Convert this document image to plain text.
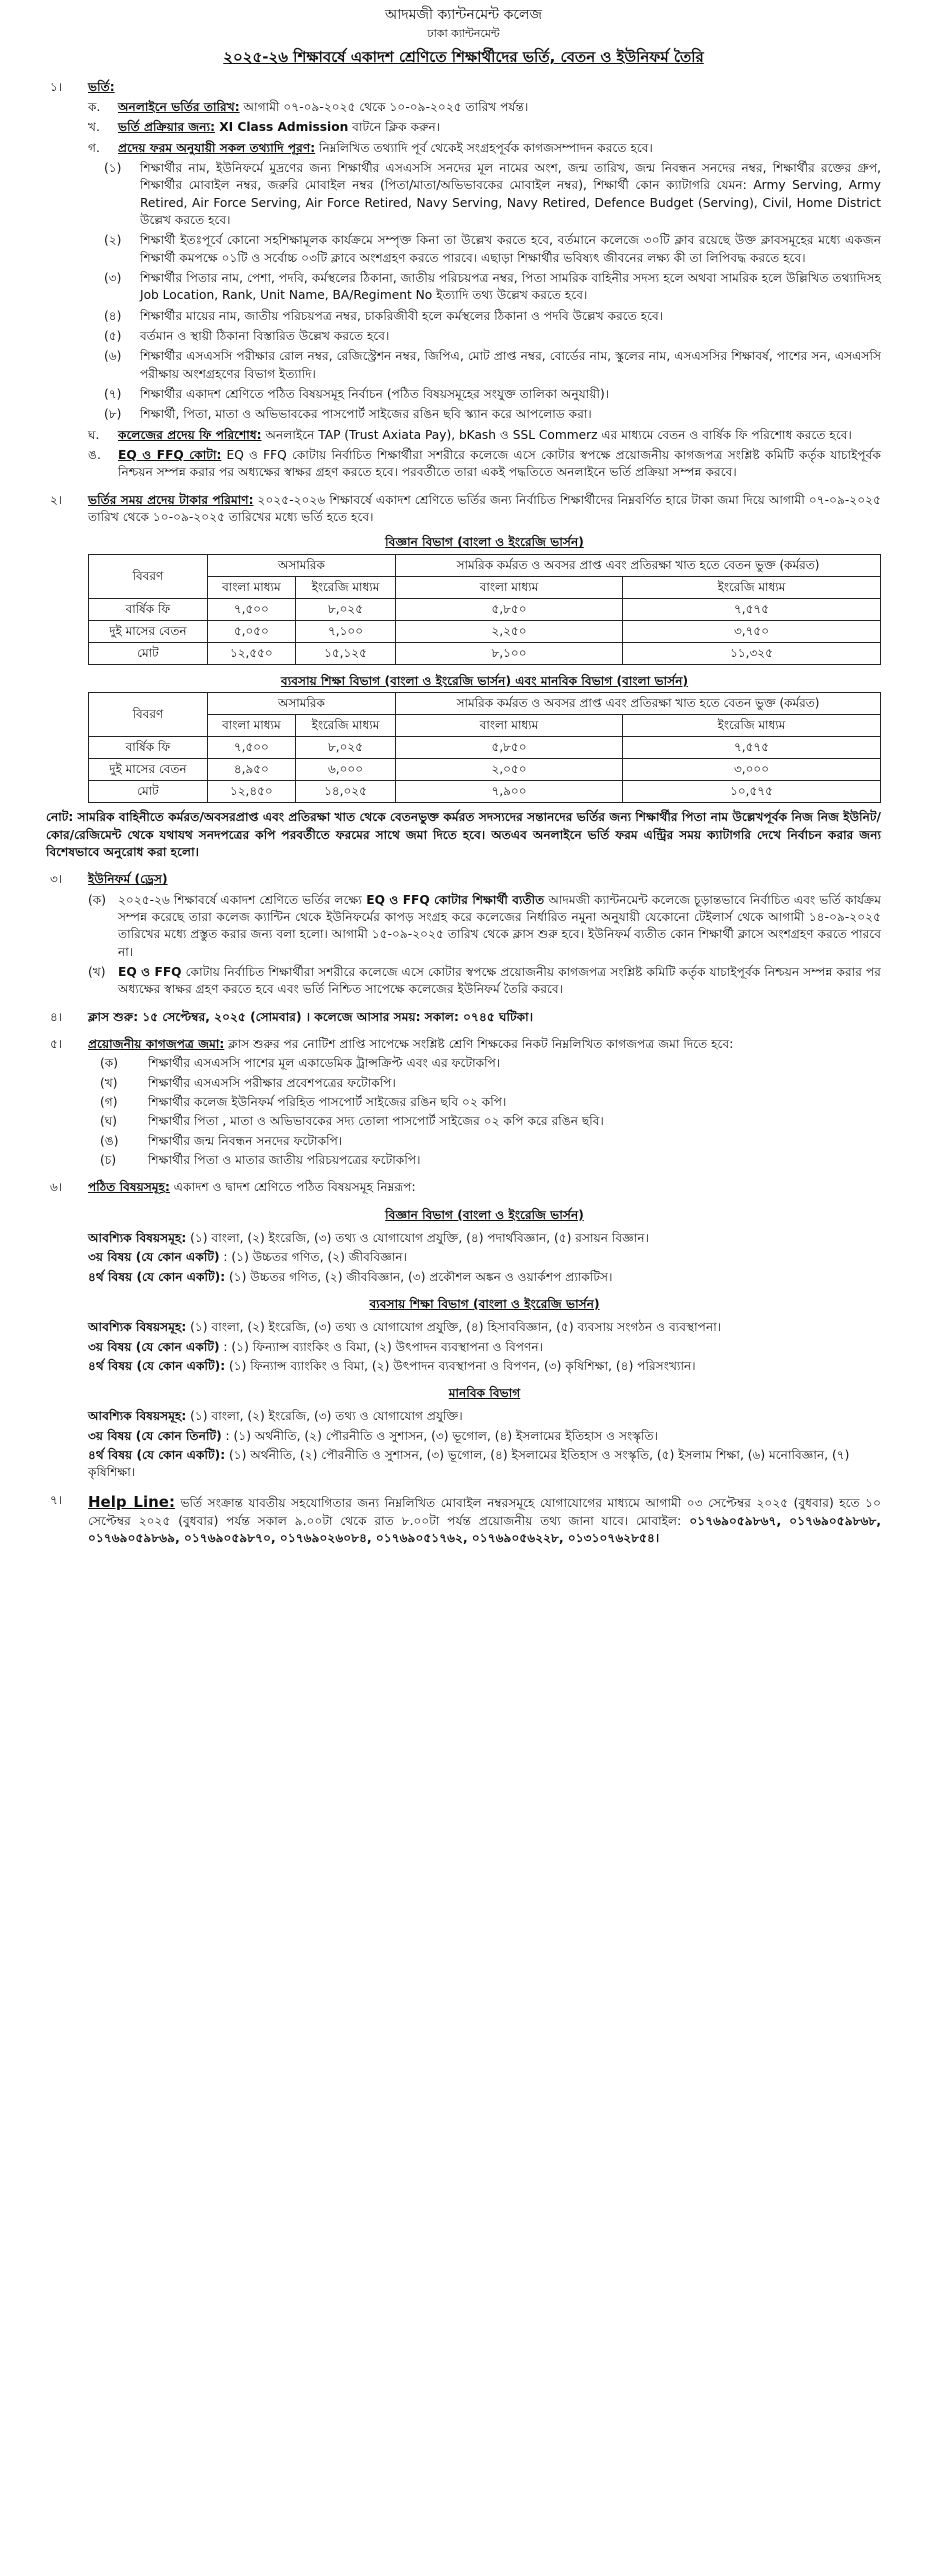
আদমজী ক্যান্টনমেন্ট কলেজ
ঢাকা ক্যান্টনমেন্ট
২০২৫-২৬ শিক্ষাবর্ষে একাদশ শ্রেণিতে শিক্ষার্থীদের ভর্তি, বেতন ও ইউনিফর্ম তৈরি
১।	ভর্তি:
ক.	অনলাইনে ভর্তির তারিখ: আগামী ০৭-০৯-২০২৫ থেকে ১০-০৯-২০২৫ তারিখ পর্যন্ত।
খ.	ভর্তি প্রক্রিয়ার জন্য: XI Class Admission বাটনে ক্লিক করুন।
গ.	প্রদেয় ফরম অনুযায়ী সকল তথ্যাদি পূরণ: নিম্নলিখিত তথ্যাদি পূর্ব থেকেই সংগ্রহপূর্বক কাগজসম্পাদন করতে হবে।
(১)	শিক্ষার্থীর নাম, ইউনিফর্মে মুদ্রণের জন্য শিক্ষার্থীর এসএসসি সনদের মূল নামের অংশ, জন্ম তারিখ, জন্ম নিবন্ধন সনদের নম্বর, শিক্ষার্থীর রক্তের গ্রুপ, শিক্ষার্থীর মোবাইল নম্বর, জরুরি মোবাইল নম্বর (পিতা/মাতা/অভিভাবকের মোবাইল নম্বর), শিক্ষার্থী কোন ক্যাটাগরি যেমন: Army Serving, Army Retired, Air Force Serving, Air Force Retired, Navy Serving, Navy Retired, Defence Budget (Serving), Civil, Home District উল্লেখ করতে হবে।
(২)	শিক্ষার্থী ইতঃপূর্বে কোনো সহশিক্ষামূলক কার্যক্রমে সম্পৃক্ত কিনা তা উল্লেখ করতে হবে, বর্তমানে কলেজে ৩০টি ক্লাব রয়েছে উক্ত ক্লাবসমূহের মধ্যে একজন শিক্ষার্থী কমপক্ষে ০১টি ও সর্বোচ্চ ০৩টি ক্লাবে অংশগ্রহণ করতে পারবে। এছাড়া শিক্ষার্থীর ভবিষ্যৎ জীবনের লক্ষ্য কী তা লিপিবদ্ধ করতে হবে।
(৩)	শিক্ষার্থীর পিতার নাম, পেশা, পদবি, কর্মস্থলের ঠিকানা, জাতীয় পরিচয়পত্র নম্বর, পিতা সামরিক বাহিনীর সদস্য হলে অথবা সামরিক হলে উল্লিখিত তথ্যাদিসহ Job Location, Rank, Unit Name, BA/Regiment No ইত্যাদি তথ্য উল্লেখ করতে হবে।
(৪)	শিক্ষার্থীর মায়ের নাম, জাতীয় পরিচয়পত্র নম্বর, চাকরিজীবী হলে কর্মস্থলের ঠিকানা ও পদবি উল্লেখ করতে হবে।
(৫)	বর্তমান ও স্থায়ী ঠিকানা বিস্তারিত উল্লেখ করতে হবে।
(৬)	শিক্ষার্থীর এসএসসি পরীক্ষার রোল নম্বর, রেজিস্ট্রেশন নম্বর, জিপিএ, মোট প্রাপ্ত নম্বর, বোর্ডের নাম, স্কুলের নাম, এসএসসির শিক্ষাবর্ষ, পাশের সন, এসএসসি পরীক্ষায় অংশগ্রহণের বিভাগ ইত্যাদি।
(৭)	শিক্ষার্থীর একাদশ শ্রেণিতে পঠিত বিষয়সমূহ নির্বাচন (পঠিত বিষয়সমূহের সংযুক্ত তালিকা অনুযায়ী)।
(৮)	শিক্ষার্থী, পিতা, মাতা ও অভিভাবকের পাসপোর্ট সাইজের রঙিন ছবি স্ক্যান করে আপলোড করা।
ঘ.	কলেজের প্রদেয় ফি পরিশোধ: অনলাইনে TAP (Trust Axiata Pay), bKash ও SSL Commerz এর মাধ্যমে বেতন ও বার্ষিক ফি পরিশোধ করতে হবে।
ঙ.	EQ ও FFQ কোটা: EQ ও FFQ কোটায় নির্বাচিত শিক্ষার্থীরা সশরীরে কলেজে এসে কোটার স্বপক্ষে প্রয়োজনীয় কাগজপত্র সংশ্লিষ্ট কমিটি কর্তৃক যাচাইপূর্বক নিশ্চয়ন সম্পন্ন করার পর অধ্যক্ষের স্বাক্ষর গ্রহণ করতে হবে। পরবর্তীতে তারা একই পদ্ধতিতে অনলাইনে ভর্তি প্রক্রিয়া সম্পন্ন করবে।
২।	ভর্তির সময় প্রদেয় টাকার পরিমাণ: ২০২৫-২০২৬ শিক্ষাবর্ষে একাদশ শ্রেণিতে ভর্তির জন্য নির্বাচিত শিক্ষার্থীদের নিম্নবর্ণিত হারে টাকা জমা দিয়ে আগামী ০৭-০৯-২০২৫ তারিখ থেকে ১০-০৯-২০২৫ তারিখের মধ্যে ভর্তি হতে হবে।
বিজ্ঞান বিভাগ (বাংলা ও ইংরেজি ভার্সন)
বিবরণ	অসামরিক		সামরিক কর্মরত ও অবসর প্রাপ্ত এবং প্রতিরক্ষা খাত হতে বেতন ভুক্ত (কর্মরত)	
	বাংলা মাধ্যম	ইংরেজি মাধ্যম	বাংলা মাধ্যম	ইংরেজি মাধ্যম
বার্ষিক ফি	৭,৫০০	৮,০২৫	৫,৮৫০	৭,৫৭৫
দুই মাসের বেতন	৫,০৫০	৭,১০০	২,২৫০	৩,৭৫০
মোট	১২,৫৫০	১৫,১২৫	৮,১০০	১১,৩২৫
ব্যবসায় শিক্ষা বিভাগ (বাংলা ও ইংরেজি ভার্সন) এবং মানবিক বিভাগ (বাংলা ভার্সন)
বিবরণ	অসামরিক		সামরিক কর্মরত ও অবসর প্রাপ্ত এবং প্রতিরক্ষা খাত হতে বেতন ভুক্ত (কর্মরত)	
	বাংলা মাধ্যম	ইংরেজি মাধ্যম	বাংলা মাধ্যম	ইংরেজি মাধ্যম
বার্ষিক ফি	৭,৫০০	৮,০২৫	৫,৮৫০	৭,৫৭৫
দুই মাসের বেতন	৪,৯৫০	৬,০০০	২,০৫০	৩,০০০
মোট	১২,৪৫০	১৪,০২৫	৭,৯০০	১০,৫৭৫
নোট: সামরিক বাহিনীতে কর্মরত/অবসরপ্রাপ্ত এবং প্রতিরক্ষা খাত থেকে বেতনভুক্ত কর্মরত সদস্যদের সন্তানদের ভর্তির জন্য শিক্ষার্থীর পিতা নাম উল্লেখপূর্বক নিজ নিজ ইউনিট/কোর/রেজিমেন্ট থেকে যথাযথ সনদপত্রের কপি পরবর্তীতে ফরমের সাথে জমা দিতে হবে। অতএব অনলাইনে ভর্তি ফরম এন্ট্রির সময় ক্যাটাগরি দেখে নির্বাচন করার জন্য বিশেষভাবে অনুরোধ করা হলো।
৩।	ইউনিফর্ম (ড্রেস)
(ক) ২০২৫-২৬ শিক্ষাবর্ষে একাদশ শ্রেণিতে ভর্তির লক্ষ্যে EQ ও FFQ কোটার শিক্ষার্থী ব্যতীত আদমজী ক্যান্টনমেন্ট কলেজে চূড়ান্তভাবে নির্বাচিত এবং ভর্তি কার্যক্রম সম্পন্ন করেছে তারা কলেজ ক্যান্টিন থেকে ইউনিফর্মের কাপড় সংগ্রহ করে কলেজের নির্ধারিত নমুনা অনুযায়ী যেকোনো টেইলার্স থেকে আগামী ১৪-০৯-২০২৫ তারিখের মধ্যে প্রস্তুত করার জন্য বলা হলো। আগামী ১৫-০৯-২০২৫ তারিখ থেকে ক্লাস শুরু হবে। ইউনিফর্ম ব্যতীত কোন শিক্ষার্থী ক্লাসে অংশগ্রহণ করতে পারবে না।
(খ)	EQ ও FFQ কোটায় নির্বাচিত শিক্ষার্থীরা সশরীরে কলেজে এসে কোটার স্বপক্ষে প্রয়োজনীয় কাগজপত্র সংশ্লিষ্ট কমিটি কর্তৃক যাচাইপূর্বক নিশ্চয়ন সম্পন্ন করার পর অধ্যক্ষের স্বাক্ষর গ্রহণ করতে হবে এবং ভর্তি নিশ্চিত সাপেক্ষে কলেজের ইউনিফর্ম তৈরি করবে।
৪।	ক্লাস শুরু: ১৫ সেপ্টেম্বর, ২০২৫ (সোমবার) । কলেজে আসার সময়: সকাল: ০৭৪৫ ঘটিকা।
৫।	প্রয়োজনীয় কাগজপত্র জমা: ক্লাস শুরুর পর নোটিশ প্রাপ্তি সাপেক্ষে সংশ্লিষ্ট শ্রেণি শিক্ষকের নিকট নিম্নলিখিত কাগজপত্র জমা দিতে হবে:
(ক)	শিক্ষার্থীর এসএসসি পাশের মূল একাডেমিক ট্রান্সক্রিপ্ট এবং এর ফটোকপি।
(খ)	শিক্ষার্থীর এসএসসি পরীক্ষার প্রবেশপত্রের ফটোকপি।
(গ)	শিক্ষার্থীর কলেজ ইউনিফর্ম পরিহিত পাসপোর্ট সাইজের রঙিন ছবি ০২ কপি।
(ঘ)	শিক্ষার্থীর পিতা , মাতা ও অভিভাবকের সদ্য তোলা পাসপোর্ট সাইজের ০২ কপি করে রঙিন ছবি।
(ঙ)	শিক্ষার্থীর জন্ম নিবন্ধন সনদের ফটোকপি।
(চ)	শিক্ষার্থীর পিতা ও মাতার জাতীয় পরিচয়পত্রের ফটোকপি।
৬।	পঠিত বিষয়সমূহ: একাদশ ও দ্বাদশ শ্রেণিতে পঠিত বিষয়সমূহ নিম্নরূপ:
বিজ্ঞান বিভাগ (বাংলা ও ইংরেজি ভার্সন)
আবশ্যিক বিষয়সমূহ: (১) বাংলা, (২) ইংরেজি, (৩) তথ্য ও যোগাযোগ প্রযুক্তি, (৪) পদার্থবিজ্ঞান, (৫) রসায়ন বিজ্ঞান।
৩য় বিষয় (যে কোন একটি) : (১) উচ্চতর গণিত, (২) জীববিজ্ঞান।
৪র্থ বিষয় (যে কোন একটি): (১) উচ্চতর গণিত, (২) জীববিজ্ঞান, (৩) প্রকৌশল অঙ্কন ও ওয়ার্কশপ প্র্যাকটিস।
ব্যবসায় শিক্ষা বিভাগ (বাংলা ও ইংরেজি ভার্সন)
আবশ্যিক বিষয়সমূহ: (১) বাংলা, (২) ইংরেজি, (৩) তথ্য ও যোগাযোগ প্রযুক্তি, (৪) হিসাববিজ্ঞান, (৫) ব্যবসায় সংগঠন ও ব্যবস্থাপনা।
৩য় বিষয় (যে কোন একটি) : (১) ফিন্যান্স ব্যাংকিং ও বিমা, (২) উৎপাদন ব্যবস্থাপনা ও বিপণন।
৪র্থ বিষয় (যে কোন একটি): (১) ফিন্যান্স ব্যাংকিং ও বিমা, (২) উৎপাদন ব্যবস্থাপনা ও বিপণন, (৩) কৃষিশিক্ষা, (৪) পরিসংখ্যান।
মানবিক বিভাগ
আবশ্যিক বিষয়সমূহ: (১) বাংলা, (২) ইংরেজি, (৩) তথ্য ও যোগাযোগ প্রযুক্তি।
৩য় বিষয় (যে কোন তিনটি) : (১) অর্থনীতি, (২) পৌরনীতি ও সুশাসন, (৩) ভূগোল, (৪) ইসলামের ইতিহাস ও সংস্কৃতি।
৪র্থ বিষয় (যে কোন একটি): (১) অর্থনীতি, (২) পৌরনীতি ও সুশাসন, (৩) ভূগোল, (৪) ইসলামের ইতিহাস ও সংস্কৃতি, (৫) ইসলাম শিক্ষা, (৬) মনোবিজ্ঞান, (৭) কৃষিশিক্ষা।
৭।	Help Line: ভর্তি সংক্রান্ত যাবতীয় সহযোগিতার জন্য নিম্নলিখিত মোবাইল নম্বরসমূহে যোগাযোগের মাধ্যমে আগামী ০৩ সেপ্টেম্বর ২০২৫ (বুধবার) হতে ১০ সেপ্টেম্বর ২০২৫ (বুধবার) পর্যন্ত সকাল ৯.০০টা থেকে রাত ৮.০০টা পর্যন্ত প্রয়োজনীয় তথ্য জানা যাবে। মোবাইল: ০১৭৬৯০৫৯৮৬৭, ০১৭৬৯০৫৯৮৬৮, ০১৭৬৯০৫৯৮৬৯, ০১৭৬৯০৫৯৮৭০, ০১৭৬৯০২৬০৮৪, ০১৭৬৯০৫১৭৬২, ০১৭৬৯০৫৬২২৮, ০১৩১০৭৬২৮৫৪।
